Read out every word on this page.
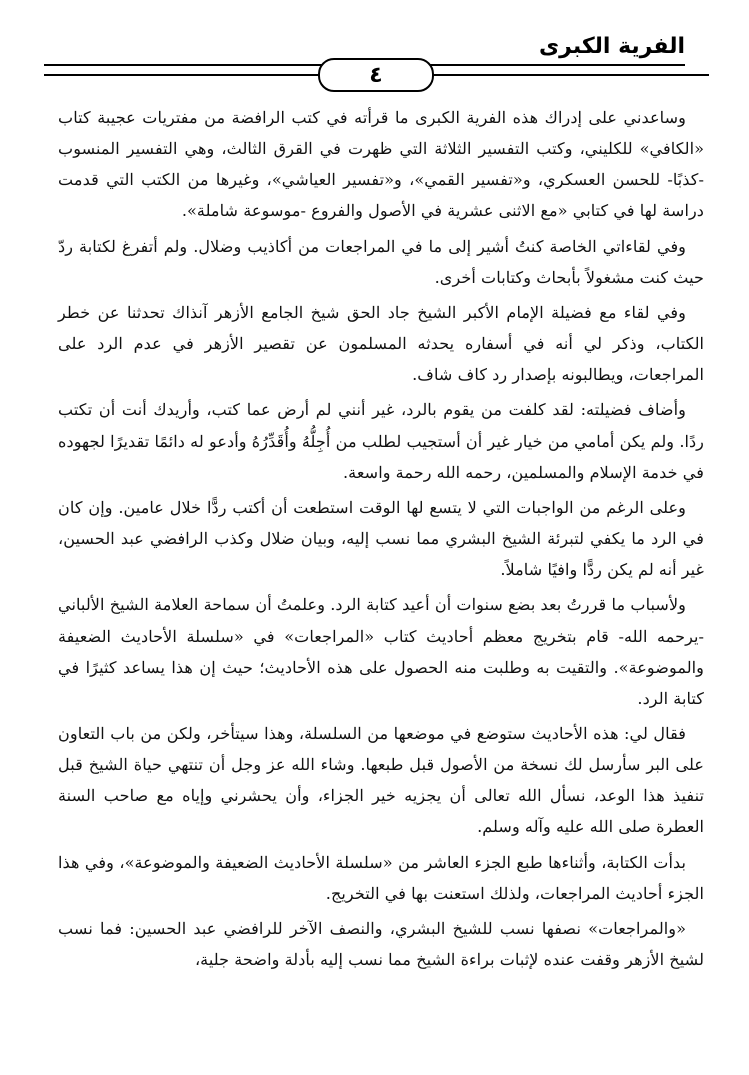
الفرية الكبرى
٤

وساعدني على إدراك هذه الفرية الكبرى ما قرأته في كتب الرافضة من مفتريات عجيبة كتاب «الكافي» للكليني، وكتب التفسير الثلاثة التي ظهرت في القرق الثالث، وهي التفسير المنسوب -كذبًا- للحسن العسكري، و«تفسير القمي»، و«تفسير العياشي»، وغيرها من الكتب التي قدمت دراسة لها في كتابي «مع الاثنى عشرية في الأصول والفروع -موسوعة شاملة».

وفي لقاءاتي الخاصة كنتُ أشير إلى ما في المراجعات من أكاذيب وضلال. ولم أتفرغ لكتابة ردّ حيث كنت مشغولاً بأبحاث وكتابات أخرى.

وفي لقاء مع فضيلة الإمام الأكبر الشيخ جاد الحق شيخ الجامع الأزهر آنذاك تحدثنا عن خطر الكتاب، وذكر لي أنه في أسفاره يحدثه المسلمون عن تقصير الأزهر في عدم الرد على المراجعات، ويطالبونه بإصدار رد كاف شاف.

وأضاف فضيلته: لقد كلفت من يقوم بالرد، غير أنني لم أرض عما كتب، وأريدك أنت أن تكتب ردًا. ولم يكن أمامي من خيار غير أن أستجيب لطلب من أُجِلُّهُ وأُقَدِّرُهُ وأدعو له دائمًا تقديرًا لجهوده في خدمة الإسلام والمسلمين، رحمه الله رحمة واسعة.

وعلى الرغم من الواجبات التي لا يتسع لها الوقت استطعت أن أكتب ردًّا خلال عامين. وإن كان في الرد ما يكفي لتبرئة الشيخ البشري مما نسب إليه، وبيان ضلال وكذب الرافضي عبد الحسين، غير أنه لم يكن ردًّا وافيًا شاملاً.

ولأسباب ما قررتُ بعد بضع سنوات أن أعيد كتابة الرد. وعلمتُ أن سماحة العلامة الشيخ الألباني -يرحمه الله- قام بتخريج معظم أحاديث كتاب «المراجعات» في «سلسلة الأحاديث الضعيفة والموضوعة». والتقيت به وطلبت منه الحصول على هذه الأحاديث؛ حيث إن هذا يساعد كثيرًا في كتابة الرد.

فقال لي: هذه الأحاديث ستوضع في موضعها من السلسلة، وهذا سيتأخر، ولكن من باب التعاون على البر سأرسل لك نسخة من الأصول قبل طبعها. وشاء الله عز وجل أن تنتهي حياة الشيخ قبل تنفيذ هذا الوعد، نسأل الله تعالى أن يجزيه خير الجزاء، وأن يحشرني وإياه مع صاحب السنة العطرة صلى الله عليه وآله وسلم.

بدأت الكتابة، وأثناءها طبع الجزء العاشر من «سلسلة الأحاديث الضعيفة والموضوعة»، وفي هذا الجزء أحاديث المراجعات، ولذلك استعنت بها في التخريج.

«والمراجعات» نصفها نسب للشيخ البشري، والنصف الآخر للرافضي عبد الحسين: فما نسب لشيخ الأزهر وقفت عنده لإثبات براءة الشيخ مما نسب إليه بأدلة واضحة جلية،
